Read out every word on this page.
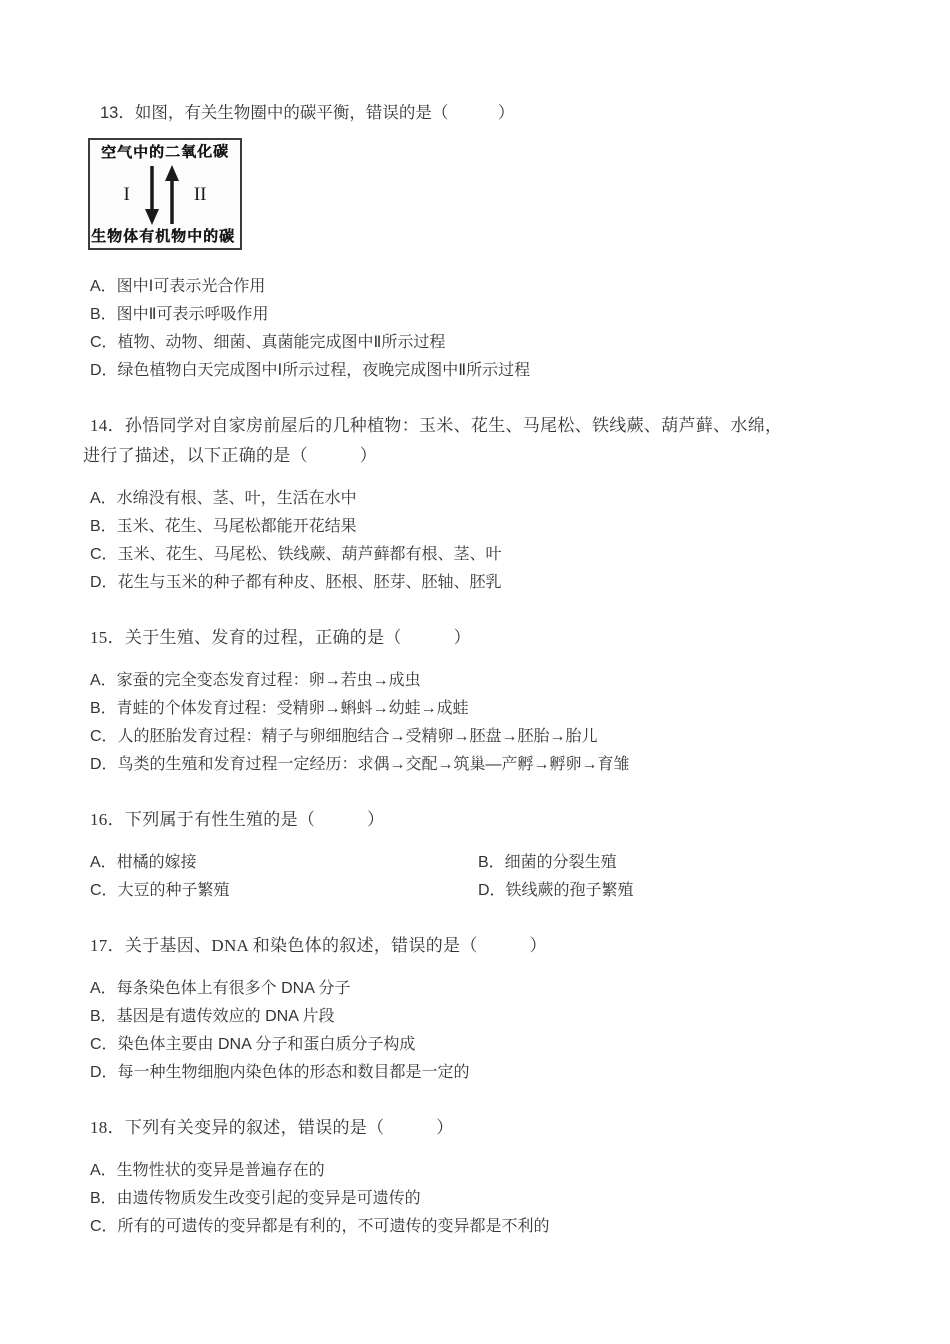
13．如图，有关生物圈中的碳平衡，错误的是（　　　）
空气中的二氧化碳
I	II
生物体有机物中的碳
A．图中Ⅰ可表示光合作用
B．图中Ⅱ可表示呼吸作用
C．植物、动物、细菌、真菌能完成图中Ⅱ所示过程
D．绿色植物白天完成图中Ⅰ所示过程，夜晚完成图中Ⅱ所示过程
14．孙悟同学对自家房前屋后的几种植物：玉米、花生、马尾松、铁线蕨、葫芦藓、水绵，
进行了描述，以下正确的是（　　　）
A．水绵没有根、茎、叶，生活在水中
B．玉米、花生、马尾松都能开花结果
C．玉米、花生、马尾松、铁线蕨、葫芦藓都有根、茎、叶
D．花生与玉米的种子都有种皮、胚根、胚芽、胚轴、胚乳
15．关于生殖、发育的过程，正确的是（　　　）
A．家蚕的完全变态发育过程：卵→若虫→成虫
B．青蛙的个体发育过程：受精卵→蝌蚪→幼蛙→成蛙
C．人的胚胎发育过程：精子与卵细胞结合→受精卵→胚盘→胚胎→胎儿
D．鸟类的生殖和发育过程一定经历：求偶→交配→筑巢—产孵→孵卵→育雏
16．下列属于有性生殖的是（　　　）
A．柑橘的嫁接	B．细菌的分裂生殖
C．大豆的种子繁殖	D．铁线蕨的孢子繁殖
17．关于基因、DNA 和染色体的叙述，错误的是（　　　）
A．每条染色体上有很多个 DNA 分子
B．基因是有遗传效应的 DNA 片段
C．染色体主要由 DNA 分子和蛋白质分子构成
D．每一种生物细胞内染色体的形态和数目都是一定的
18．下列有关变异的叙述，错误的是（　　　）
A．生物性状的变异是普遍存在的
B．由遗传物质发生改变引起的变异是可遗传的
C．所有的可遗传的变异都是有利的，不可遗传的变异都是不利的
